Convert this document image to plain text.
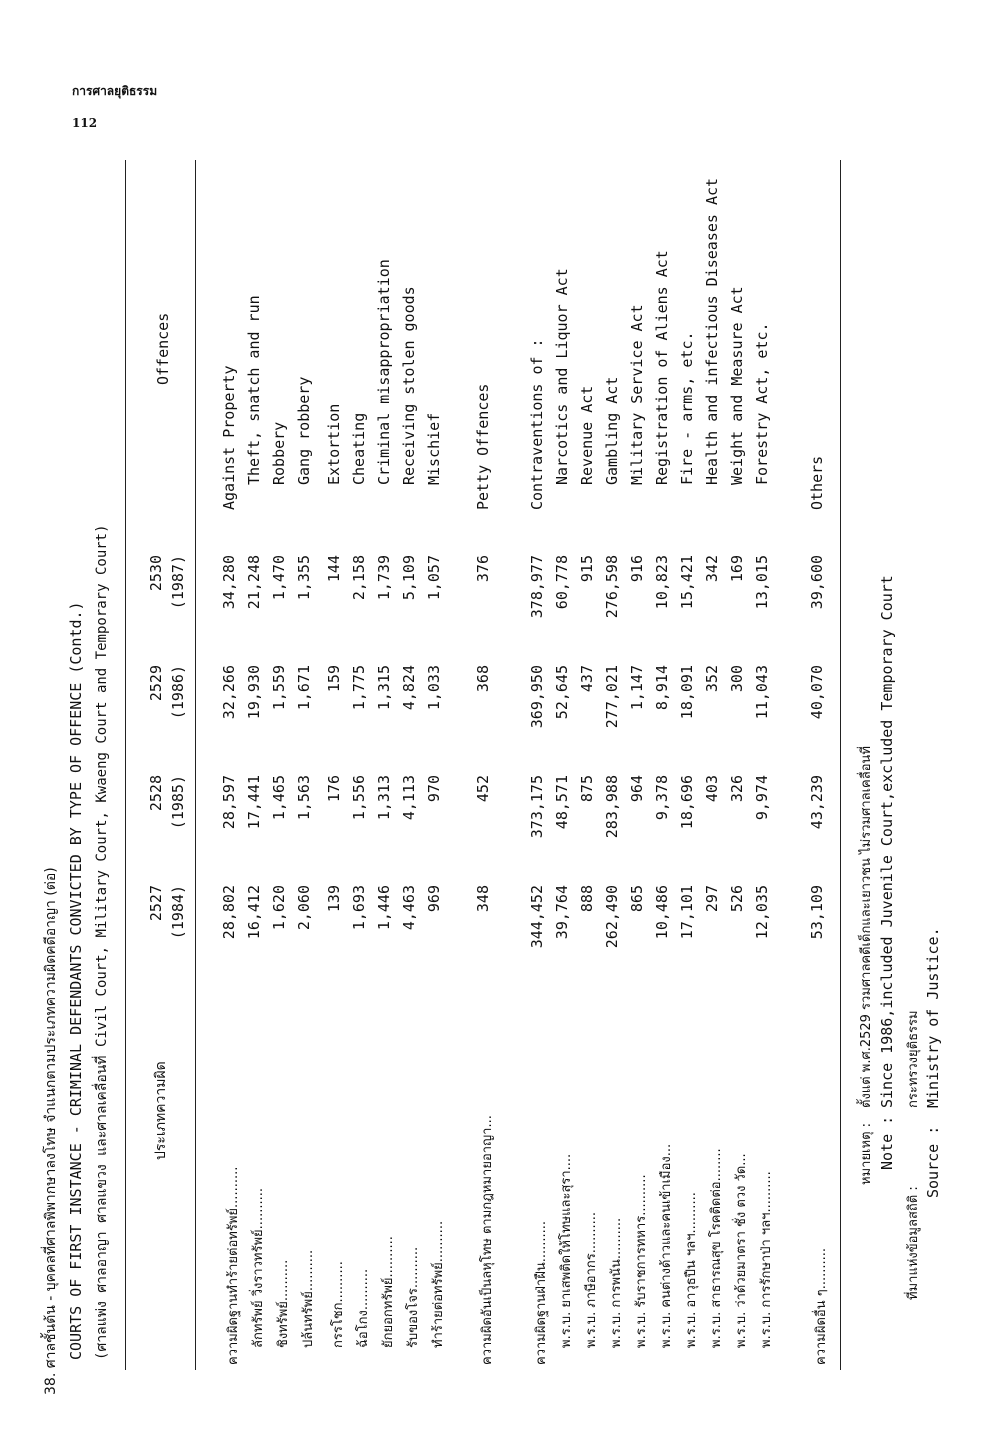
การศาลยุติธรรม
112
38. ศาลชั้นต้น - บุคคลที่ศาลพิพากษาลงโทษ จำแนกตามประเภทความผิดคดีอาญา (ต่อ) COURTS OF FIRST INSTANCE - CRIMINAL DEFENDANTS CONVICTED BY TYPE OF OFFENCE (Contd.) (ศาลแพ่ง ศาลอาญา ศาลแขวง และศาลเคลื่อนที่ Civil Court, Military Court, Kwaeng Court and Temporary Court)	ประเภทความผิด
2527 (1984)
2528 (1985)
2529 (1986)
2530 (1987)
Offences
ความผิดฐานทำร้ายต่อทรัพย์..........
28,802
28,597
32,266
34,280
Against Property
ลักทรัพย์ วิ่งราวทรัพย์..........
16,412
17,441
19,930
21,248
Theft, snatch and run
ชิงทรัพย์..........
1,620
1,465
1,559
1,470
Robbery
ปล้นทรัพย์..........
2,060
1,563
1,671
1,355
Gang robbery
กรรโชก..........
139
176
159
144
Extortion
ฉ้อโกง..........
1,693
1,556
1,775
2,158
Cheating
ยักยอกทรัพย์..........
1,446
1,313
1,315
1,739
Criminal misappropriation
รับของโจร..........
4,463
4,113
4,824
5,109
Receiving stolen goods
ทำร้ายต่อทรัพย์..........
969
970
1,033
1,057
Mischief
ความผิดอันเป็นลหุโทษ ตามกฎหมายอาญา...
348
452
368
376
Petty Offences
ความผิดฐานฝ่าฝืน..........
344,452
373,175
369,950
378,977
Contraventions of :
พ.ร.บ. ยาเสพติดให้โทษและสุรา....
39,764
48,571
52,645
60,778
Narcotics and Liquor Act
พ.ร.บ. ภาษีอากร..........
888
875
437
915
Revenue Act
พ.ร.บ. การพนัน..........
262,490
283,988
277,021
276,598
Gambling Act
พ.ร.บ. รับราชการทหาร..........
865
964
1,147
916
Military Service Act
พ.ร.บ. คนต่างด้าวและคนเข้าเมือง...
10,486
9,378
8,914
10,823
Registration of Aliens Act
พ.ร.บ. อาวุธปืน ฯลฯ..........
17,101
18,696
18,091
15,421
Fire - arms, etc.
พ.ร.บ. สาธารณสุข โรคติดต่อ........
297
403
352
342
Health and infectious Diseases Act
พ.ร.บ. ว่าด้วยมาตรา ชั่ง ตวง วัด...
526
326
300
169
Weight and Measure Act
พ.ร.บ. การรักษาป่า ฯลฯ..........
12,035
9,974
11,043
13,015
Forestry Act, etc.
ความผิดอื่น ๆ..........
53,109
43,239
40,070
39,600
Others
หมายเหตุ :
ตั้งแต่ พ.ศ.2529 รวมศาลคดีเด็กและเยาวชน ไม่รวมศาลเคลื่อนที่
Note :
Since 1986,included Juvenile Court,excluded Temporary Court
ที่มาแห่งข้อมูลสถิติ :
กระทรวงยุติธรรม
Source :
Ministry of Justice.
